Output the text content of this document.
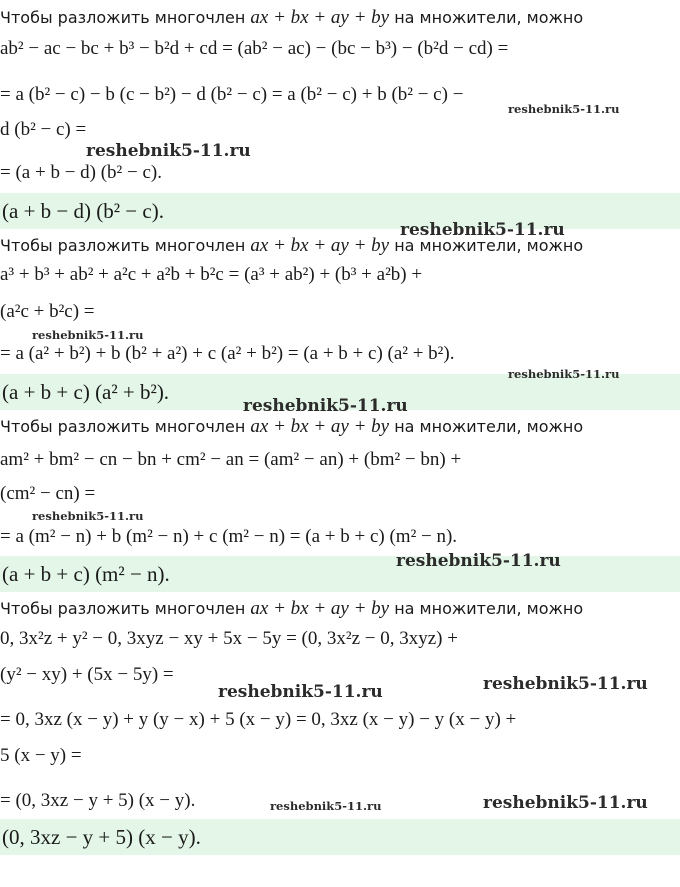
Чтобы разложить многочлен ax + bx + ay + by на множители, можно
ab² − ac − bc + b³ − b²d + cd = (ab² − ac) − (bc − b³) − (b²d − cd) =
= a (b² − c) − b (c − b²) − d (b² − c) = a (b² − c) + b (b² − c) −
d (b² − c) =
= (a + b − d) (b² − c).
(a + b − d) (b² − c).
Чтобы разложить многочлен ax + bx + ay + by на множители, можно
a³ + b³ + ab² + a²c + a²b + b²c = (a³ + ab²) + (b³ + a²b) +
(a²c + b²c) =
= a (a² + b²) + b (b² + a²) + c (a² + b²) = (a + b + c) (a² + b²).
(a + b + c) (a² + b²).
Чтобы разложить многочлен ax + bx + ay + by на множители, можно
am² + bm² − cn − bn + cm² − an = (am² − an) + (bm² − bn) +
(cm² − cn) =
= a (m² − n) + b (m² − n) + c (m² − n) = (a + b + c) (m² − n).
(a + b + c) (m² − n).
Чтобы разложить многочлен ax + bx + ay + by на множители, можно
0, 3x²z + y² − 0, 3xyz − xy + 5x − 5y = (0, 3x²z − 0, 3xyz) +
(y² − xy) + (5x − 5y) =
= 0, 3xz (x − y) + y (y − x) + 5 (x − y) = 0, 3xz (x − y) − y (x − y) +
5 (x − y) =
= (0, 3xz − y + 5) (x − y).
(0, 3xz − y + 5) (x − y).
reshebnik5-11.ru
reshebnik5-11.ru
reshebnik5-11.ru
reshebnik5-11.ru
reshebnik5-11.ru
reshebnik5-11.ru
reshebnik5-11.ru
reshebnik5-11.ru
reshebnik5-11.ru
reshebnik5-11.ru
reshebnik5-11.ru	reshebnik5-11.ru
